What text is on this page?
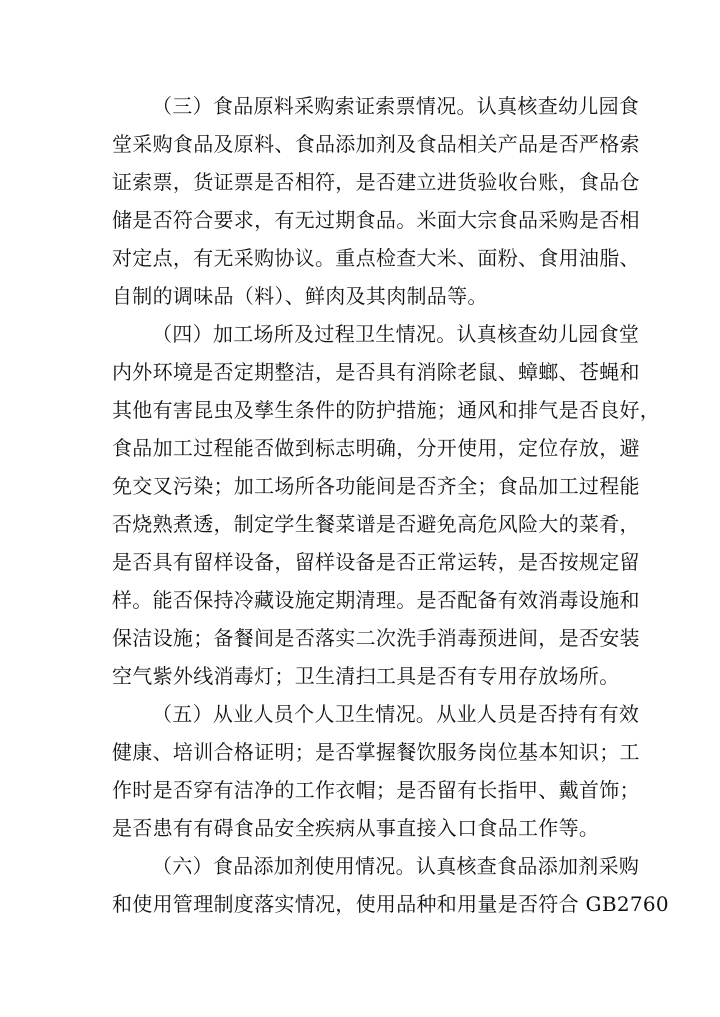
（三）食品原料采购索证索票情况。认真核查幼儿园食
堂采购食品及原料、食品添加剂及食品相关产品是否严格索
证索票，货证票是否相符，是否建立进货验收台账，食品仓
储是否符合要求，有无过期食品。米面大宗食品采购是否相
对定点，有无采购协议。重点检查大米、面粉、食用油脂、
自制的调味品（料）、鲜肉及其肉制品等。
（四）加工场所及过程卫生情况。认真核查幼儿园食堂
内外环境是否定期整洁，是否具有消除老鼠、蟑螂、苍蝇和
其他有害昆虫及孳生条件的防护措施；通风和排气是否良好，
食品加工过程能否做到标志明确，分开使用，定位存放，避
免交叉污染；加工场所各功能间是否齐全；食品加工过程能
否烧熟煮透，制定学生餐菜谱是否避免高危风险大的菜肴，
是否具有留样设备，留样设备是否正常运转，是否按规定留
样。能否保持冷藏设施定期清理。是否配备有效消毒设施和
保洁设施；备餐间是否落实二次洗手消毒预进间，是否安装
空气紫外线消毒灯；卫生清扫工具是否有专用存放场所。
（五）从业人员个人卫生情况。从业人员是否持有有效
健康、培训合格证明；是否掌握餐饮服务岗位基本知识；工
作时是否穿有洁净的工作衣帽；是否留有长指甲、戴首饰；
是否患有有碍食品安全疾病从事直接入口食品工作等。
（六）食品添加剂使用情况。认真核查食品添加剂采购
和使用管理制度落实情况，使用品种和用量是否符合 GB2760
